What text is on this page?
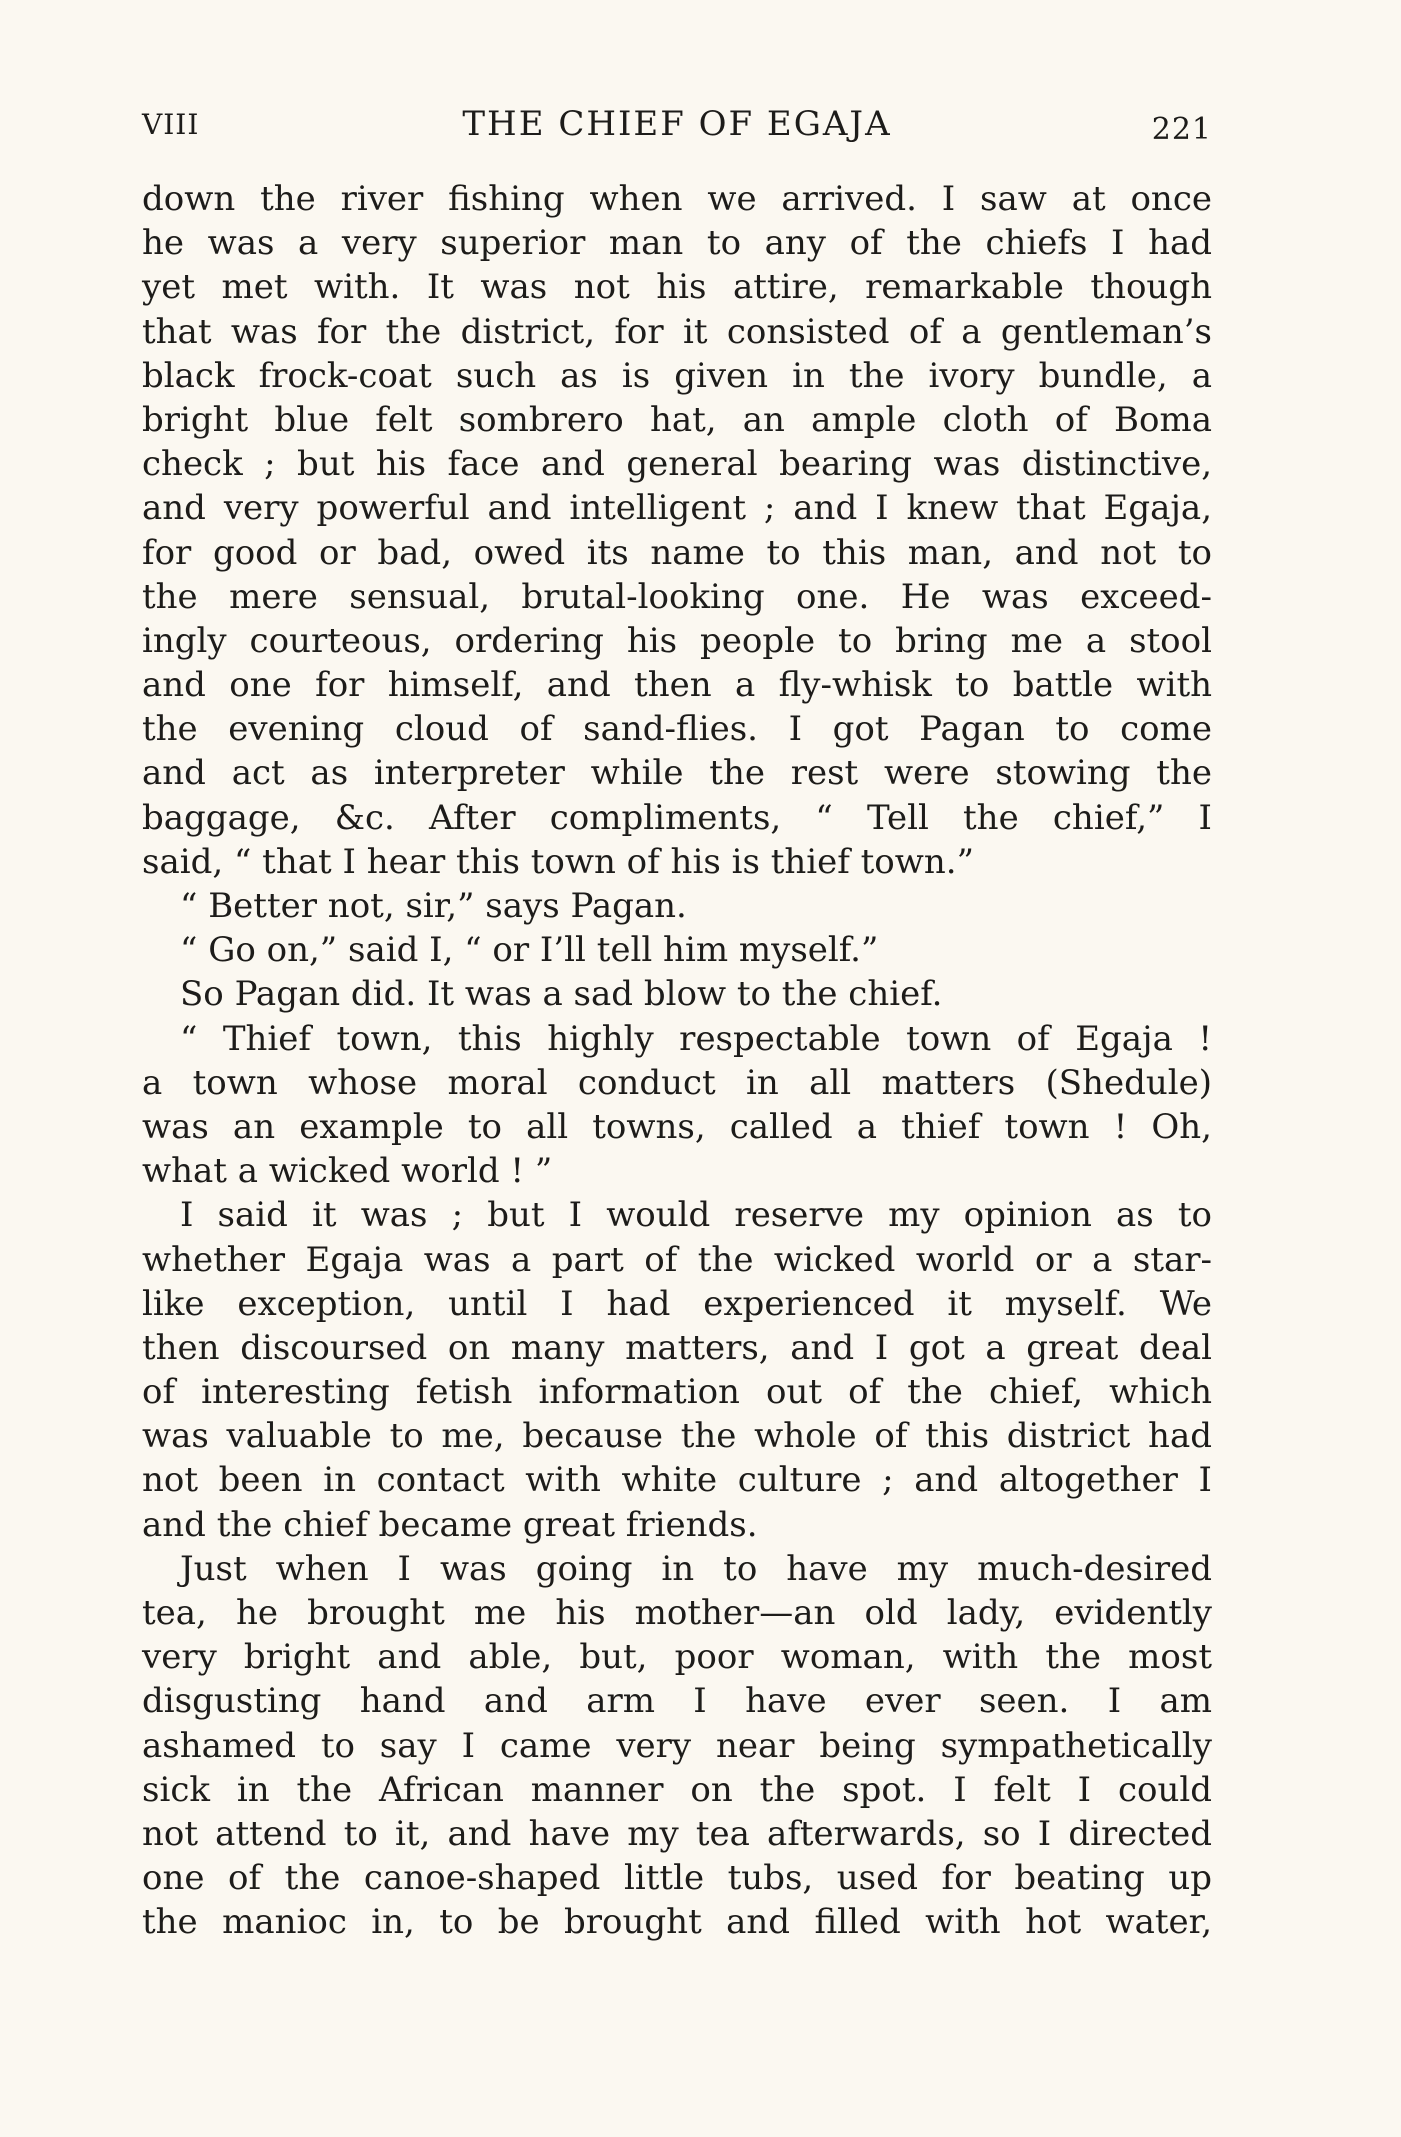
VIII	THE CHIEF OF EGAJA	221
down the river fishing when we arrived. I saw at once
he was a very superior man to any of the chiefs I had
yet met with. It was not his attire, remarkable though
that was for the district, for it consisted of a gentleman’s
black frock-coat such as is given in the ivory bundle, a
bright blue felt sombrero hat, an ample cloth of Boma
check ; but his face and general bearing was distinctive,
and very powerful and intelligent ; and I knew that Egaja,
for good or bad, owed its name to this man, and not to
the mere sensual, brutal-looking one. He was exceed-
ingly courteous, ordering his people to bring me a stool
and one for himself, and then a fly-whisk to battle with
the evening cloud of sand-flies. I got Pagan to come
and act as interpreter while the rest were stowing the
baggage, &c. After compliments, “ Tell the chief,” I
said, “ that I hear this town of his is thief town.”
“ Better not, sir,” says Pagan.
“ Go on,” said I, “ or I’ll tell him myself.”
So Pagan did. It was a sad blow to the chief.
“ Thief town, this highly respectable town of Egaja !
a town whose moral conduct in all matters (Shedule)
was an example to all towns, called a thief town ! Oh,
what a wicked world ! ”
I said it was ; but I would reserve my opinion as to
whether Egaja was a part of the wicked world or a star-
like exception, until I had experienced it myself. We
then discoursed on many matters, and I got a great deal
of interesting fetish information out of the chief, which
was valuable to me, because the whole of this district had
not been in contact with white culture ; and altogether I
and the chief became great friends.
Just when I was going in to have my much-desired
tea, he brought me his mother—an old lady, evidently
very bright and able, but, poor woman, with the most
disgusting hand and arm I have ever seen. I am
ashamed to say I came very near being sympathetically
sick in the African manner on the spot. I felt I could
not attend to it, and have my tea afterwards, so I directed
one of the canoe-shaped little tubs, used for beating up
the manioc in, to be brought and filled with hot water,
